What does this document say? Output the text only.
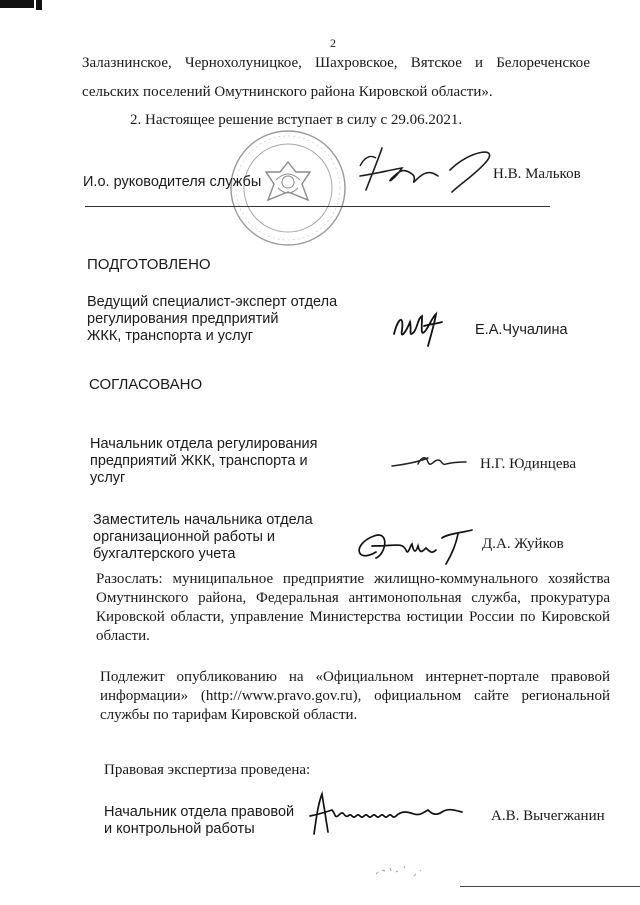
2
Залазнинское, Чернохолуницкое, Шахровское, Вятское и Белореченское
сельских поселений Омутнинского района Кировской области».
2. Настоящее решение вступает в силу с 29.06.2021.
И.о. руководителя службы	Н.В. Мальков
ПОДГОТОВЛЕНО
Ведущий специалист-эксперт отдела
регулирования предприятий
ЖКК, транспорта и услуг	Е.А.Чучалина
СОГЛАСОВАНО
Начальник отдела регулирования
предприятий ЖКК, транспорта и
услуг
Н.Г. Юдинцева
Заместитель начальника отдела
организационной работы и
бухгалтерского учета
Д.А. Жуйков
Разослать: муниципальное предприятие жилищно-коммунального хозяйства
Омутнинского района, Федеральная антимонопольная служба, прокуратура
Кировской области, управление Министерства юстиции России по Кировской
области.
Подлежит опубликованию на «Официальном интернет-портале правовой
информации» (http://www.pravo.gov.ru), официальном сайте региональной
службы по тарифам Кировской области.
Правовая экспертиза проведена:
Начальник отдела правовой
и контрольной работы
А.В. Вычегжанин
